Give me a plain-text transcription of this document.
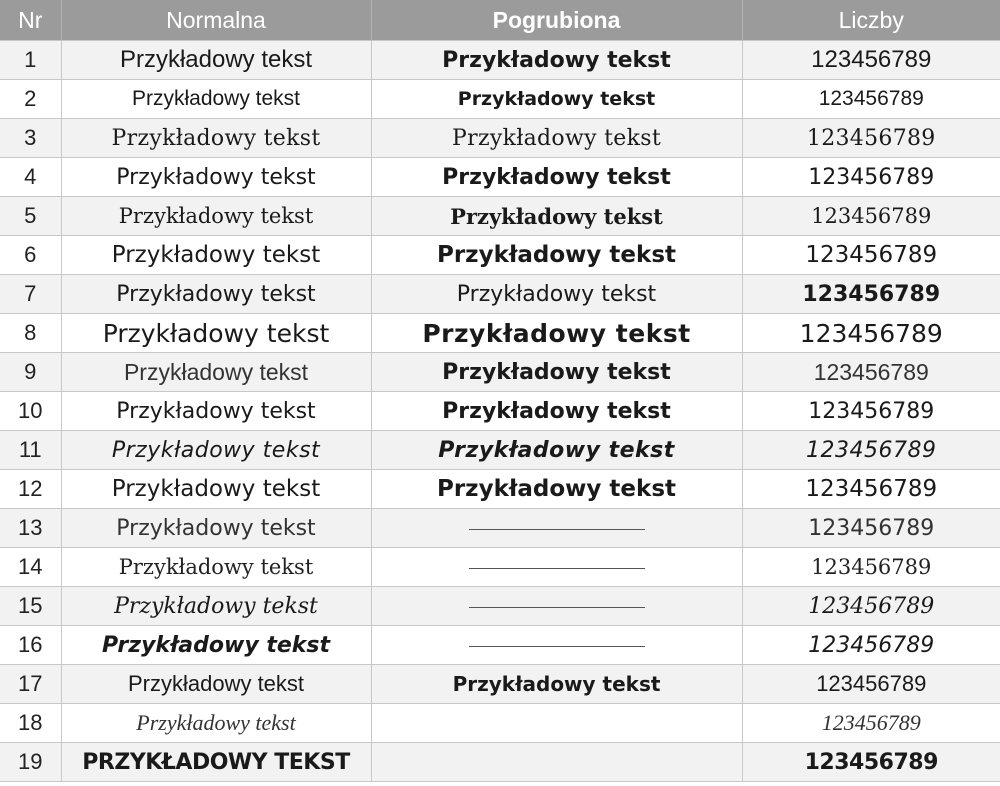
Nr	Normalna	Pogrubiona	Liczby
1	Przykładowy tekst	Przykładowy tekst	123456789
2	Przykładowy tekst	Przykładowy tekst	123456789
3	Przykładowy tekst	Przykładowy tekst	123456789
4	Przykładowy tekst	Przykładowy tekst	123456789
5	Przykładowy tekst	Przykładowy tekst	123456789
6	Przykładowy tekst	Przykładowy tekst	123456789
7	Przykładowy tekst	Przykładowy tekst	123456789
8	Przykładowy tekst	Przykładowy tekst	123456789
9	Przykładowy tekst	Przykładowy tekst	123456789
10	Przykładowy tekst	Przykładowy tekst	123456789
11	Przykładowy tekst	Przykładowy tekst	123456789
12	Przykładowy tekst	Przykładowy tekst	123456789
13	Przykładowy tekst		123456789
14	Przykładowy tekst		123456789
15	Przykładowy tekst		123456789
16	Przykładowy tekst		123456789
17	Przykładowy tekst	Przykładowy tekst	123456789
18	Przykładowy tekst		123456789
19	PRZYKŁADOWY TEKST		123456789
